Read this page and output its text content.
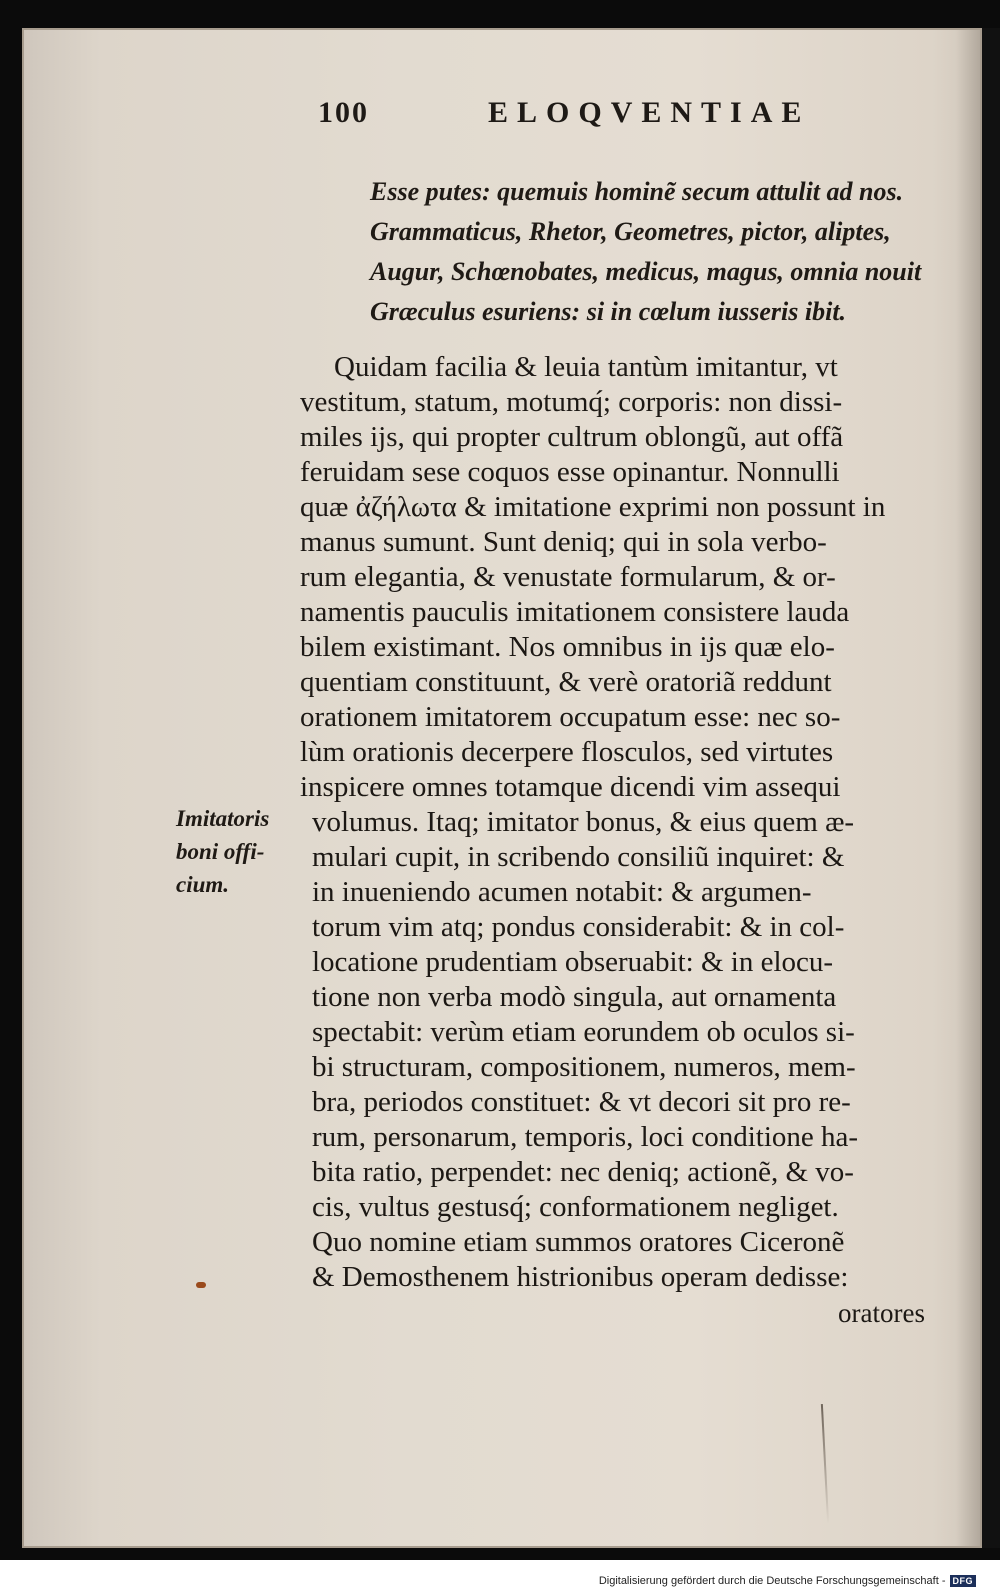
100	ELOQVENTIAE
Esse putes: quemuis hominẽ secum attulit ad nos.
Grammaticus, Rhetor, Geometres, pictor, aliptes,
Augur, Schœnobates, medicus, magus, omnia nouit
Græculus esuriens: si in cœlum iusseris ibit.
Quidam facilia & leuia tantùm imitantur, vt
vestitum, statum, motumq́; corporis: non dissi-
miles ijs, qui propter cultrum oblongũ, aut offã
feruidam sese coquos esse opinantur. Nonnulli
quæ ἀζήλωτα & imitatione exprimi non possunt in
manus sumunt. Sunt deniq; qui in sola verbo-
rum elegantia, & venustate formularum, & or-
namentis pauculis imitationem consistere lauda
bilem existimant. Nos omnibus in ijs quæ elo-
quentiam constituunt, & verè oratoriã reddunt
orationem imitatorem occupatum esse: nec so-
lùm orationis decerpere flosculos, sed virtutes
inspicere omnes totamque dicendi vim assequi
volumus. Itaq; imitator bonus, & eius quem æ-
mulari cupit, in scribendo consiliũ inquiret: &
in inueniendo acumen notabit: & argumen-
torum vim atq; pondus considerabit: & in col-
locatione prudentiam obseruabit: & in elocu-
tione non verba modò singula, aut ornamenta
spectabit: verùm etiam eorundem ob oculos si-
bi structuram, compositionem, numeros, mem-
bra, periodos constituet: & vt decori sit pro re-
rum, personarum, temporis, loci conditione ha-
bita ratio, perpendet: nec deniq; actionẽ, & vo-
cis, vultus gestusq́; conformationem negliget.
Quo nomine etiam summos oratores Ciceronẽ
& Demosthenem histrionibus operam dedisse:
Imitatoris
boni offi-
cium.
oratores
Digitalisierung gefördert durch die Deutsche Forschungsgemeinschaft - DFG
